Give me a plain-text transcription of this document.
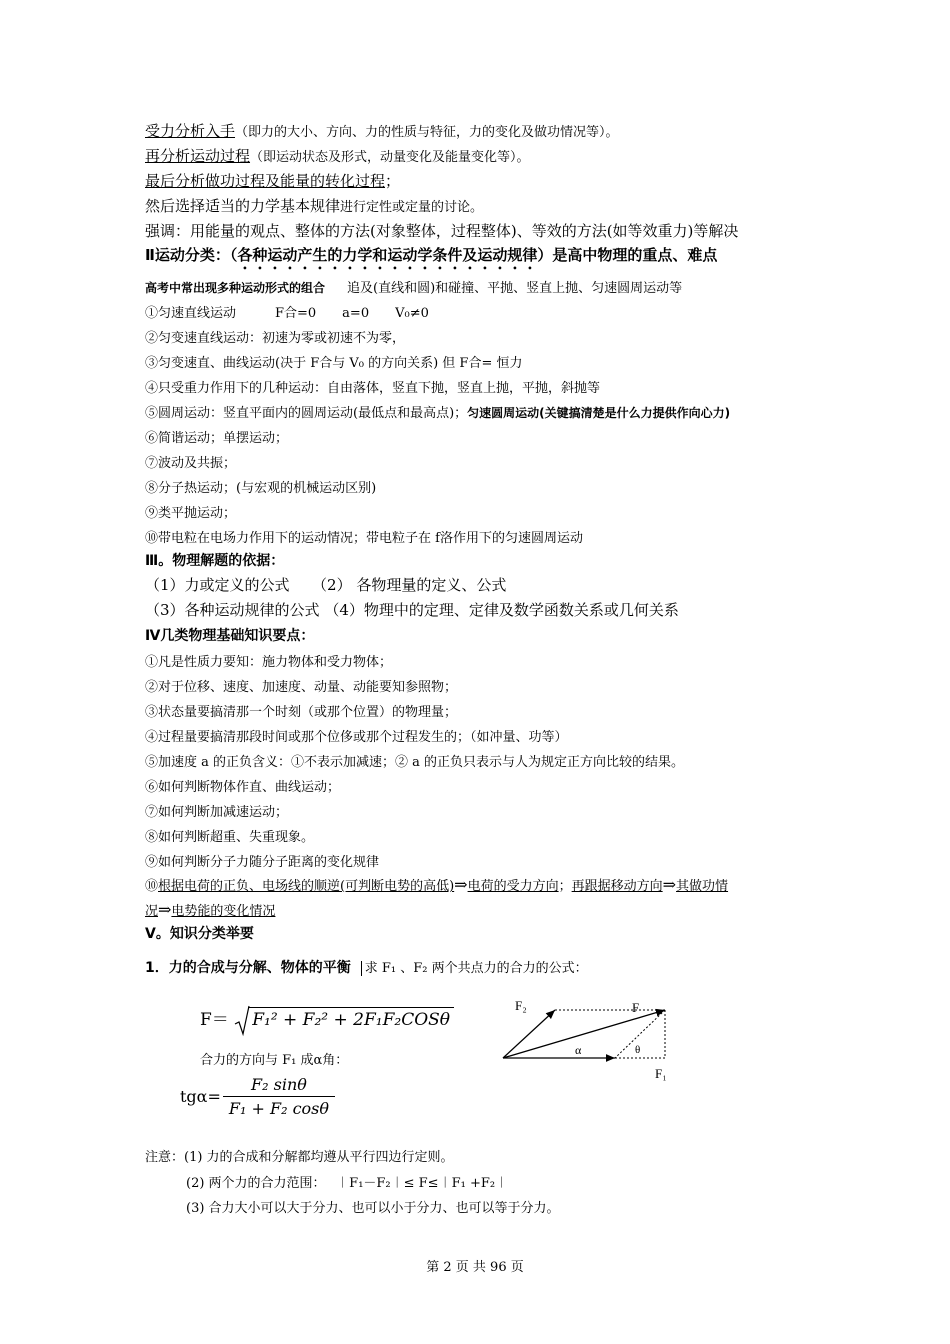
受力分析入手（即力的大小、方向、力的性质与特征，力的变化及做功情况等）。
再分析运动过程（即运动状态及形式，动量变化及能量变化等）。
最后分析做功过程及能量的转化过程；
然后选择适当的力学基本规律进行定性或定量的讨论。
强调：用能量的观点、整体的方法(对象整体，过程整体)、等效的方法(如等效重力)等解决
Ⅱ运动分类：（各种运动产生的力学和运动学条件及运动规律）是高中物理的重点、难点
高考中常出现多种运动形式的组合 追及(直线和圆)和碰撞、平抛、竖直上抛、匀速圆周运动等
①匀速直线运动　　　F合=0　　a=0　　V₀≠0
②匀变速直线运动：初速为零或初速不为零，
③匀变速直、曲线运动(决于 F合与 V₀ 的方向关系) 但 F合= 恒力
④只受重力作用下的几种运动：自由落体，竖直下抛，竖直上抛，平抛，斜抛等
⑤圆周运动：竖直平面内的圆周运动(最低点和最高点)；匀速圆周运动(关键搞清楚是什么力提供作向心力)
⑥简谐运动；单摆运动；
⑦波动及共振；
⑧分子热运动；(与宏观的机械运动区别)
⑨类平抛运动；
⑩带电粒在电场力作用下的运动情况；带电粒子在 f洛作用下的匀速圆周运动
Ⅲ。物理解题的依据：
（1）力或定义的公式　　（2） 各物理量的定义、公式
（3）各种运动规律的公式 （4）物理中的定理、定律及数学函数关系或几何关系
Ⅳ几类物理基础知识要点：
①凡是性质力要知：施力物体和受力物体；
②对于位移、速度、加速度、动量、动能要知参照物；
③状态量要搞清那一个时刻（或那个位置）的物理量；
④过程量要搞清那段时间或那个位侈或那个过程发生的；（如冲量、功等）
⑤加速度 a 的正负含义：①不表示加减速；② a 的正负只表示与人为规定正方向比较的结果。
⑥如何判断物体作直、曲线运动；
⑦如何判断加减速运动；
⑧如何判断超重、失重现象。
⑨如何判断分子力随分子距离的变化规律
⑩根据电荷的正负、电场线的顺逆(可判断电势的高低)⇒电荷的受力方向；再跟据移动方向⇒其做功情
况⇒电势能的变化情况
V。知识分类举要
1．力的合成与分解、物体的平衡 求 F₁ 、F₂ 两个共点力的合力的公式：
F＝ F₁² + F₂² + 2F₁F₂COSθ
合力的方向与 F₁ 成α角：
tgα=
F₂ sinθ
F₁ + F₂ cosθ
F₂	F
α	θ
F₁
注意：(1) 力的合成和分解都均遵从平行四边行定则。
(2) 两个力的合力范围：　 ︱F₁－F₂︱≤ F≤︱F₁ +F₂︱
(3) 合力大小可以大于分力、也可以小于分力、也可以等于分力。
第 2 页 共 96 页
